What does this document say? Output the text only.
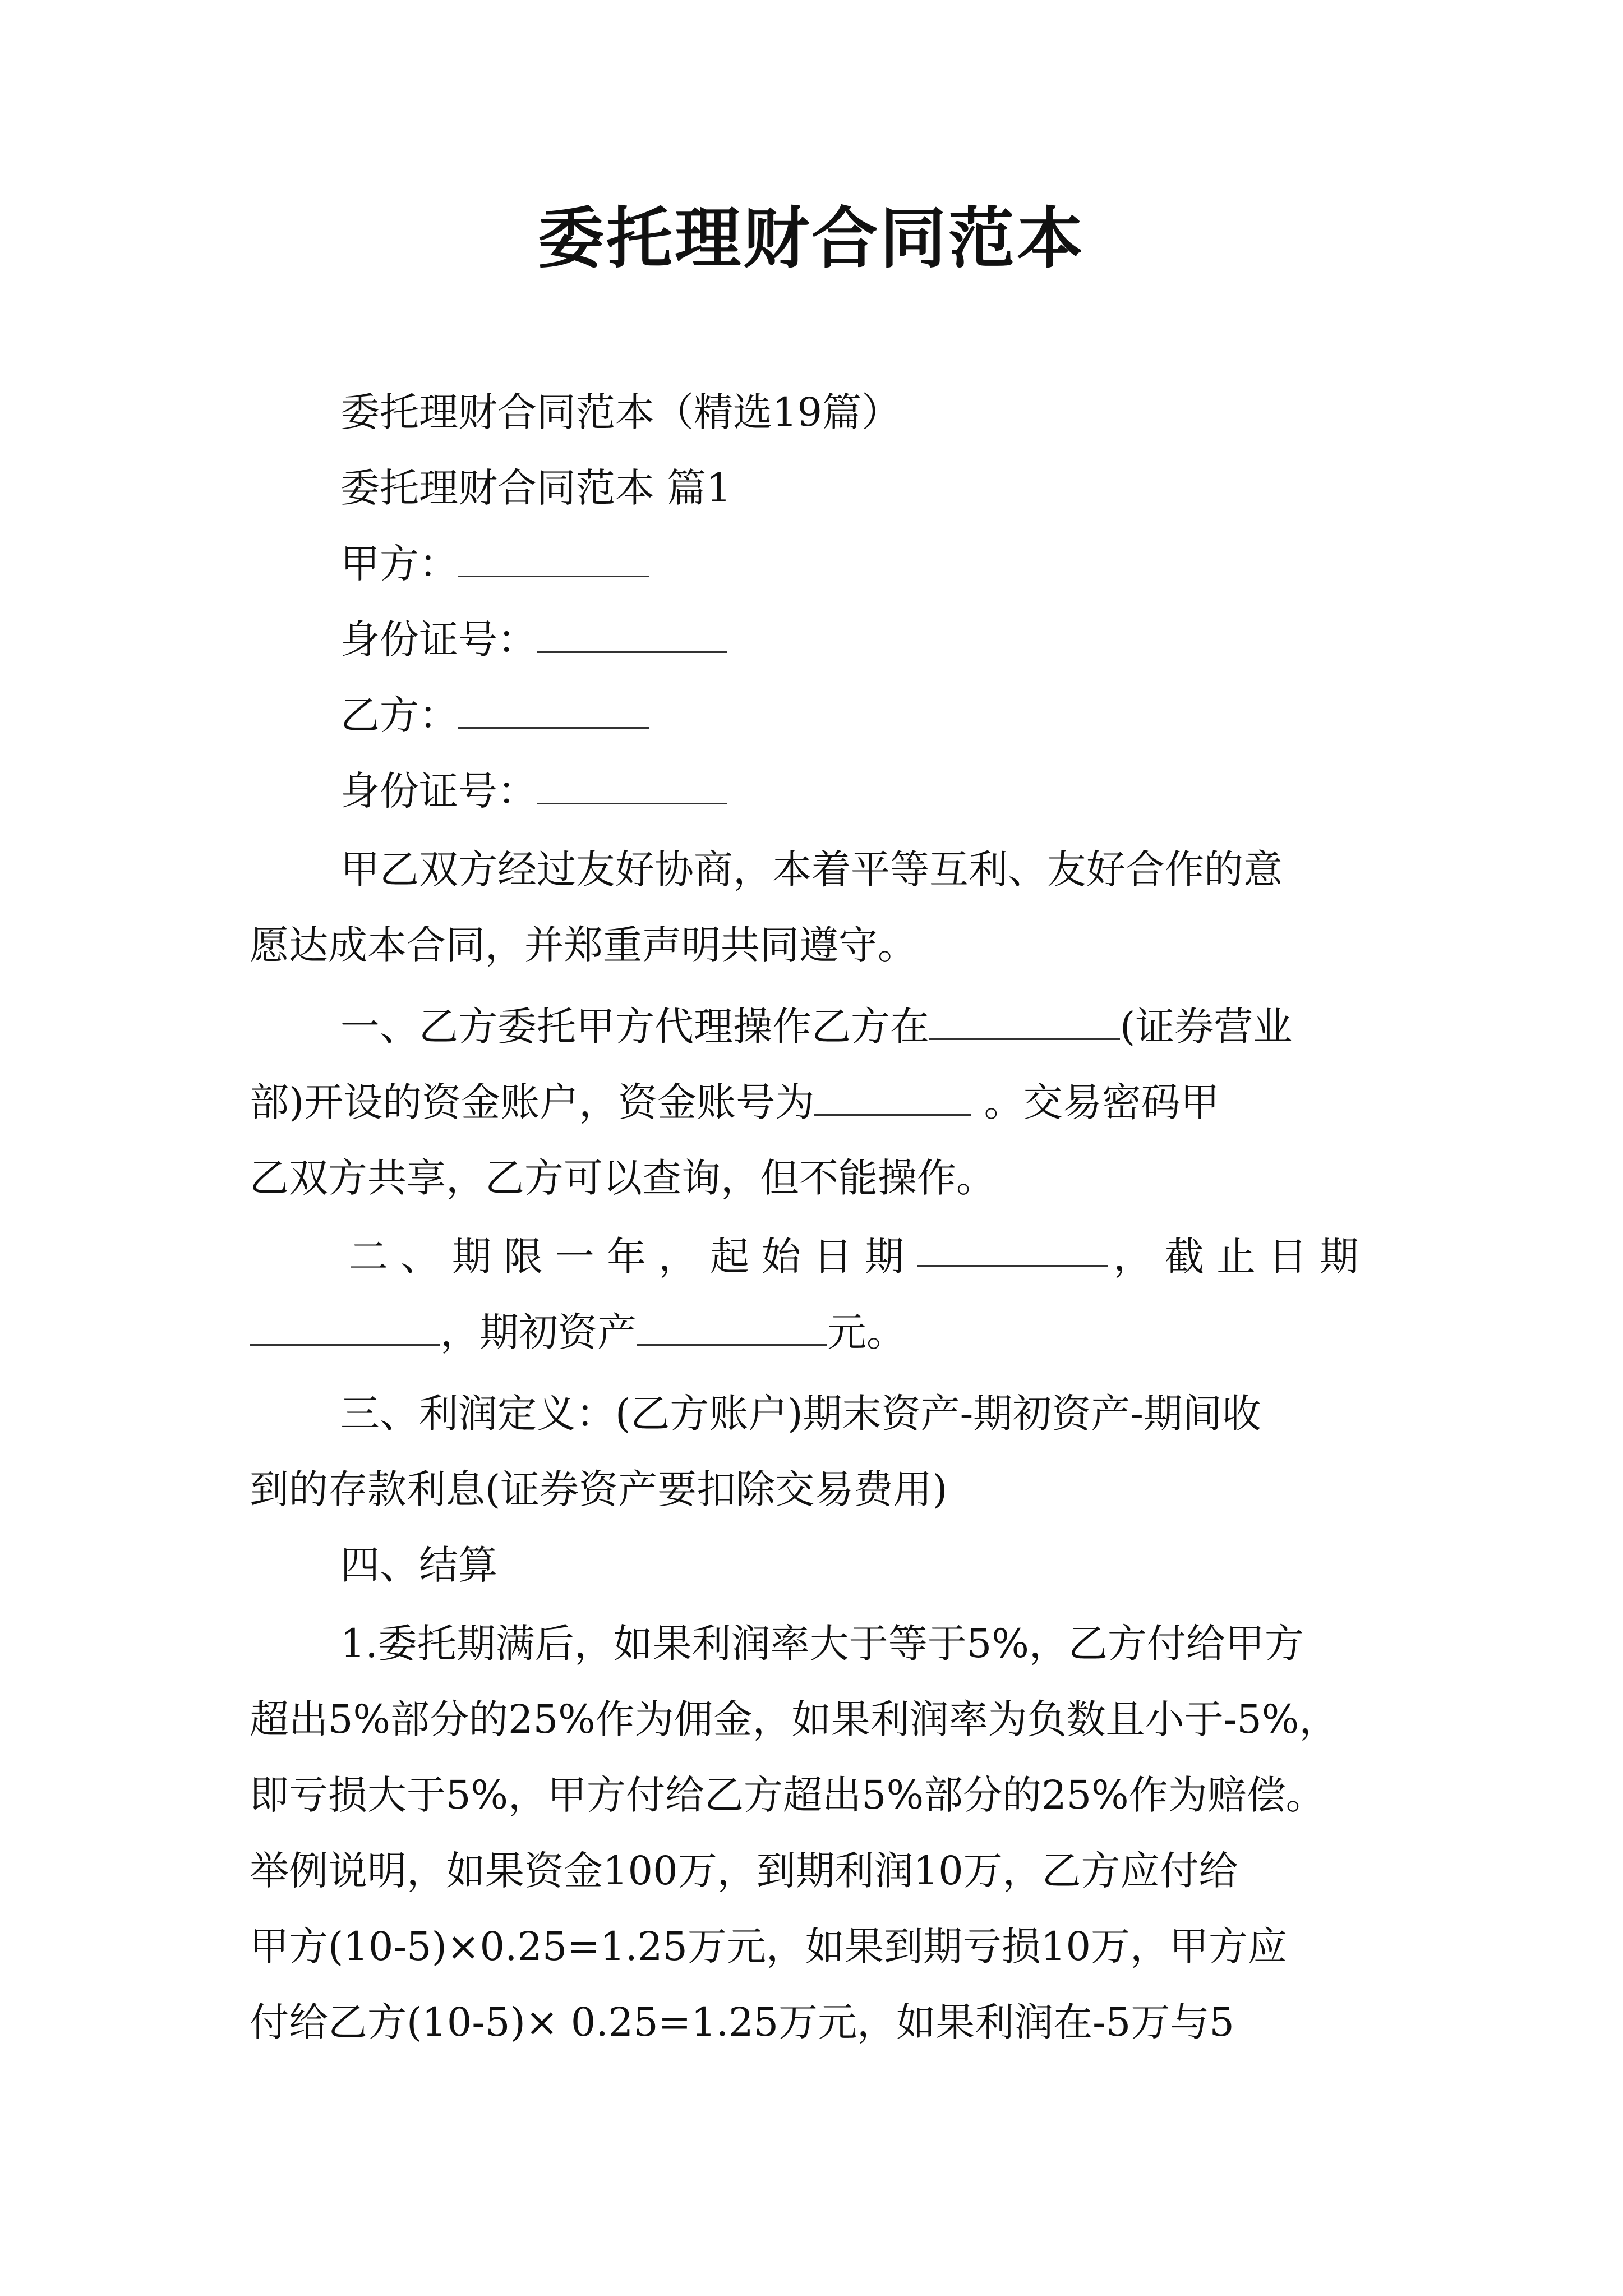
委托理财合同范本

委托理财合同范本（精选19篇）

委托理财合同范本 篇1

甲方：

身份证号：

乙方：

身份证号：

甲乙双方经过友好协商，本着平等互利、友好合作的意

愿达成本合同，并郑重声明共同遵守。

一、乙方委托甲方代理操作乙方在	(证券营业

部)开设的资金账户，资金账号为	。交易密码甲

乙双方共享，乙方可以查询，但不能操作。

二、期限一年，起始日期	，截止日期

，期初资产	元。

三、利润定义：(乙方账户)期末资产-期初资产-期间收

到的存款利息(证券资产要扣除交易费用)

四、结算

1.委托期满后，如果利润率大于等于5%，乙方付给甲方

超出5%部分的25%作为佣金，如果利润率为负数且小于-5%，

即亏损大于5%，甲方付给乙方超出5%部分的25%作为赔偿。

举例说明，如果资金100万，到期利润10万，乙方应付给

甲方(10-5)×0.25=1.25万元，如果到期亏损10万，甲方应

付给乙方(10-5)× 0.25=1.25万元，如果利润在-5万与5
